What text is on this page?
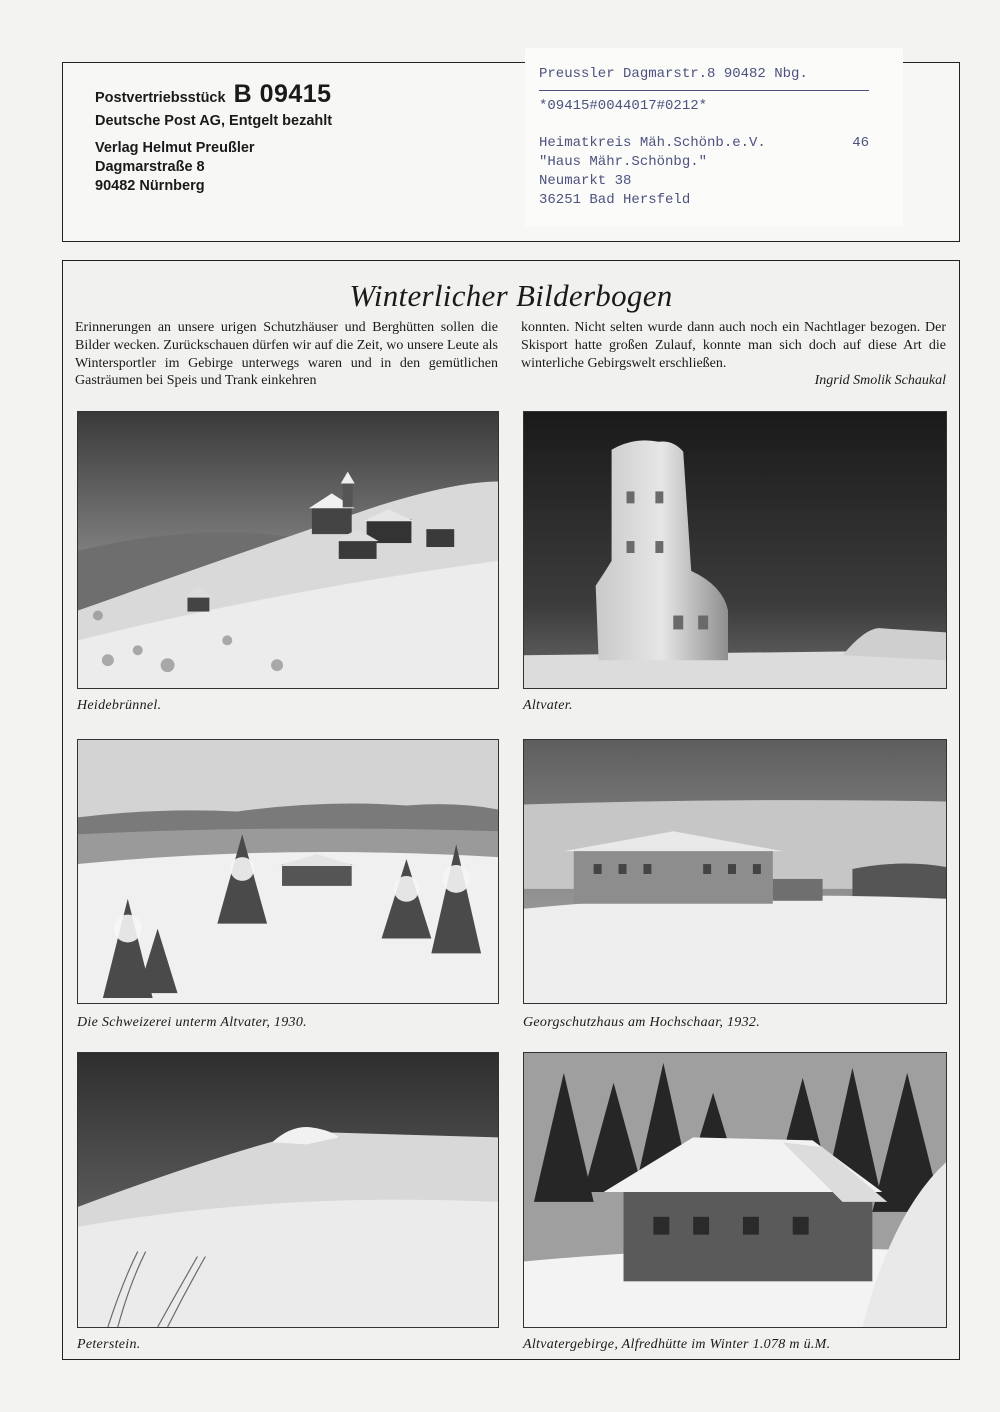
Postvertriebsstück B 09415
Deutsche Post AG, Entgelt bezahlt
Verlag Helmut Preußler
Dagmarstraße 8
90482 Nürnberg
Preussler Dagmarstr.8 90482 Nbg.
*09415#0044017#0212*
Heimatkreis Mäh.Schönb.e.V.	46
"Haus Mähr.Schönbg."
Neumarkt 38
36251 Bad Hersfeld
Winterlicher Bilderbogen
Erinnerungen an unsere urigen Schutzhäuser und Berghütten sollen die Bilder wecken. Zurückschauen dürfen wir auf die Zeit, wo unsere Leute als Wintersportler im Gebirge unterwegs waren und in den gemütlichen Gasträumen bei Speis und Trank einkehren
konnten. Nicht selten wurde dann auch noch ein Nachtlager bezogen. Der Skisport hatte großen Zulauf, konnte man sich doch auf diese Art die winterliche Gebirgswelt erschließen.
Ingrid Smolik Schaukal
Heidebrünnel.	Altvater.
Die Schweizerei unterm Altvater, 1930.	Georgschutzhaus am Hochschaar, 1932.
Peterstein.	Altvatergebirge, Alfredhütte im Winter 1.078 m ü.M.
